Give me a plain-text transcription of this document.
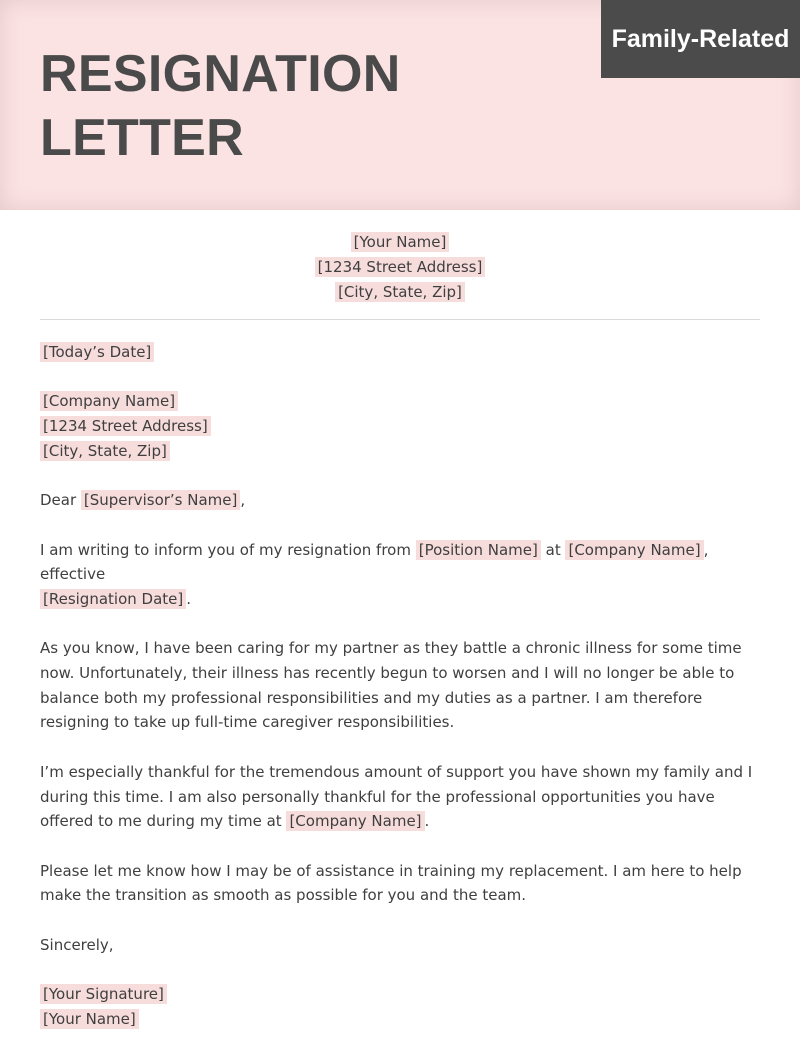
RESIGNATION
LETTER
Family-Related
[Your Name]
[1234 Street Address]
[City, State, Zip]

[Today’s Date]

[Company Name]
[1234 Street Address]
[City, State, Zip]

Dear [Supervisor’s Name] ,

I am writing to inform you of my resignation from [Position Name] at [Company Name] , effective
[Resignation Date] .

As you know, I have been caring for my partner as they battle a chronic illness for some time now. Unfortunately, their illness has recently begun to worsen and I will no longer be able to balance both my professional responsibilities and my duties as a partner. I am therefore resigning to take up full-time caregiver responsibilities.

I’m especially thankful for the tremendous amount of support you have shown my family and I during this time. I am also personally thankful for the professional opportunities you have offered to me during my time at [Company Name] .

Please let me know how I may be of assistance in training my replacement. I am here to help make the transition as smooth as possible for you and the team.

Sincerely,

[Your Signature]
[Your Name]
